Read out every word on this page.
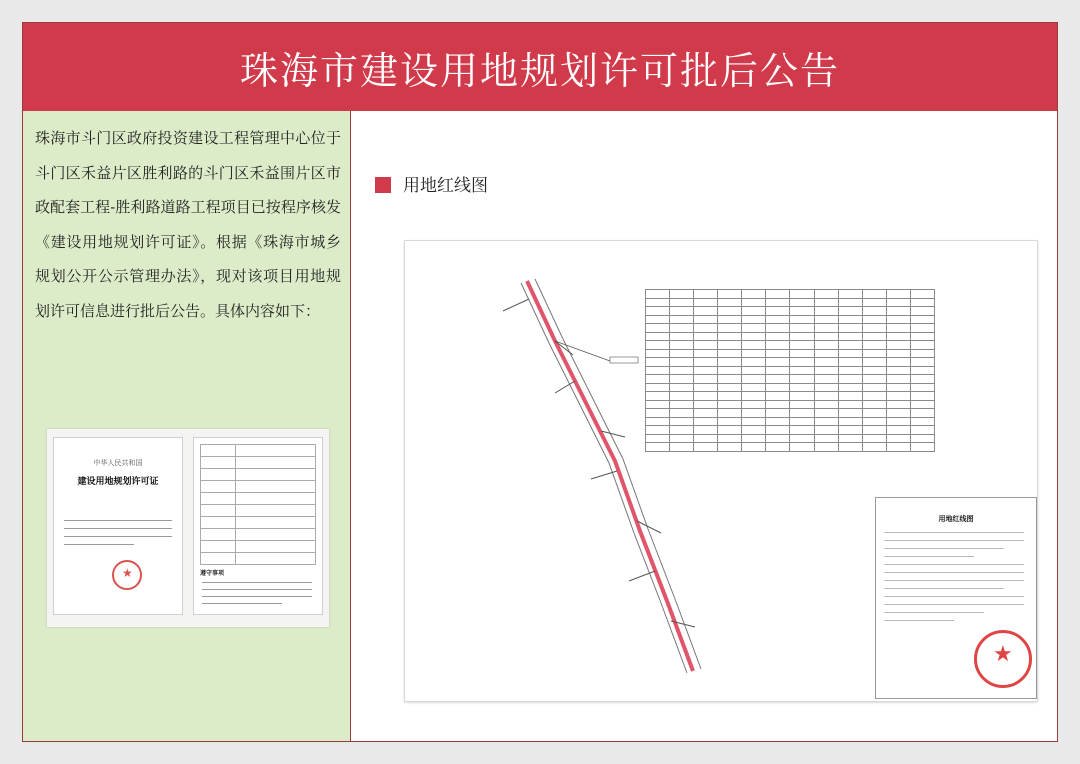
珠海市建设用地规划许可批后公告

珠海市斗门区政府投资建设工程管理中心位于斗门区禾益片区胜利路的斗门区禾益围片区市政配套工程-胜利路道路工程项目已按程序核发《建设用地规划许可证》。根据《珠海市城乡规划公开公示管理办法》，现对该项目用地规划许可信息进行批后公告。具体内容如下：

中华人民共和国
建设用地规划许可证
★

遵守事项
用地红线图

用地红线图
★
